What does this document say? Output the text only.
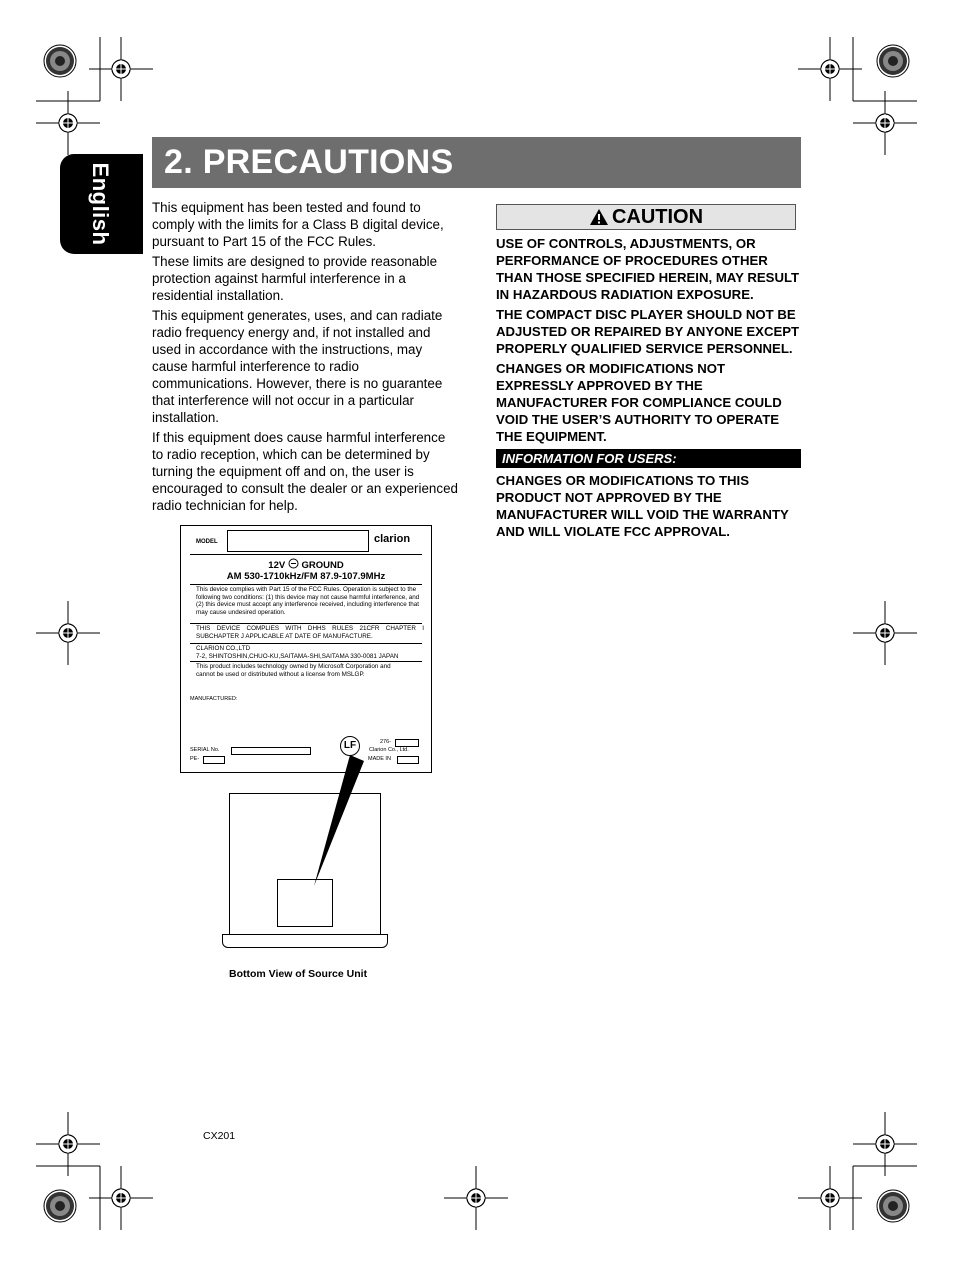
English
2. PRECAUTIONS

This equipment has been tested and found to comply with the limits for a Class B digital device, pursuant to Part 15 of the FCC Rules.

These limits are designed to provide reasonable protection against harmful interference in a residential installation.

This equipment generates, uses, and can radiate radio frequency energy and, if not installed and used in accordance with the instructions, may cause harmful interference to radio communications. However, there is no guarantee that interference will not occur in a particular installation.

If this equipment does cause harmful interference to radio reception, which can be determined by turning the equipment off and on, the user is encouraged to consult the dealer or an experienced radio technician for help.

CAUTION

USE OF CONTROLS, ADJUSTMENTS, OR PERFORMANCE OF PROCEDURES OTHER THAN THOSE SPECIFIED HEREIN, MAY RESULT IN HAZARDOUS RADIATION EXPOSURE.

THE COMPACT DISC PLAYER SHOULD NOT BE ADJUSTED OR REPAIRED BY ANYONE EXCEPT PROPERLY QUALIFIED SERVICE PERSONNEL.

CHANGES OR MODIFICATIONS NOT EXPRESSLY APPROVED BY THE MANUFACTURER FOR COMPLIANCE COULD VOID THE USER’S AUTHORITY TO OPERATE THE EQUIPMENT.

INFORMATION FOR USERS:

CHANGES OR MODIFICATIONS TO THIS PRODUCT NOT APPROVED BY THE MANUFACTURER WILL VOID THE WARRANTY AND WILL VIOLATE FCC APPROVAL.

MODEL	clarion
12V GROUND
AM 530-1710kHz/FM 87.9-107.9MHz
This device complies with Part 15 of the FCC Rules. Operation is subject to the following two conditions: (1) this device may not cause harmful interference, and (2) this device must accept any interference received, including interference that may cause undesired operation.
THIS DEVICE COMPLIES WITH DHHS RULES 21CFR CHAPTER I SUBCHAPTER J APPLICABLE AT DATE OF MANUFACTURE.
CLARION CO.,LTD
7-2, SHINTOSHIN,CHUO-KU,SAITAMA-SHI,SAITAMA 330-0081 JAPAN
This product includes technology owned by Microsoft Corporation and cannot be used or distributed without a license from MSLGP.
MANUFACTURED:
SERIAL No.
PE-
LF	276-
Clarion Co., Ltd.
MADE IN
Bottom View of Source Unit
CX201
